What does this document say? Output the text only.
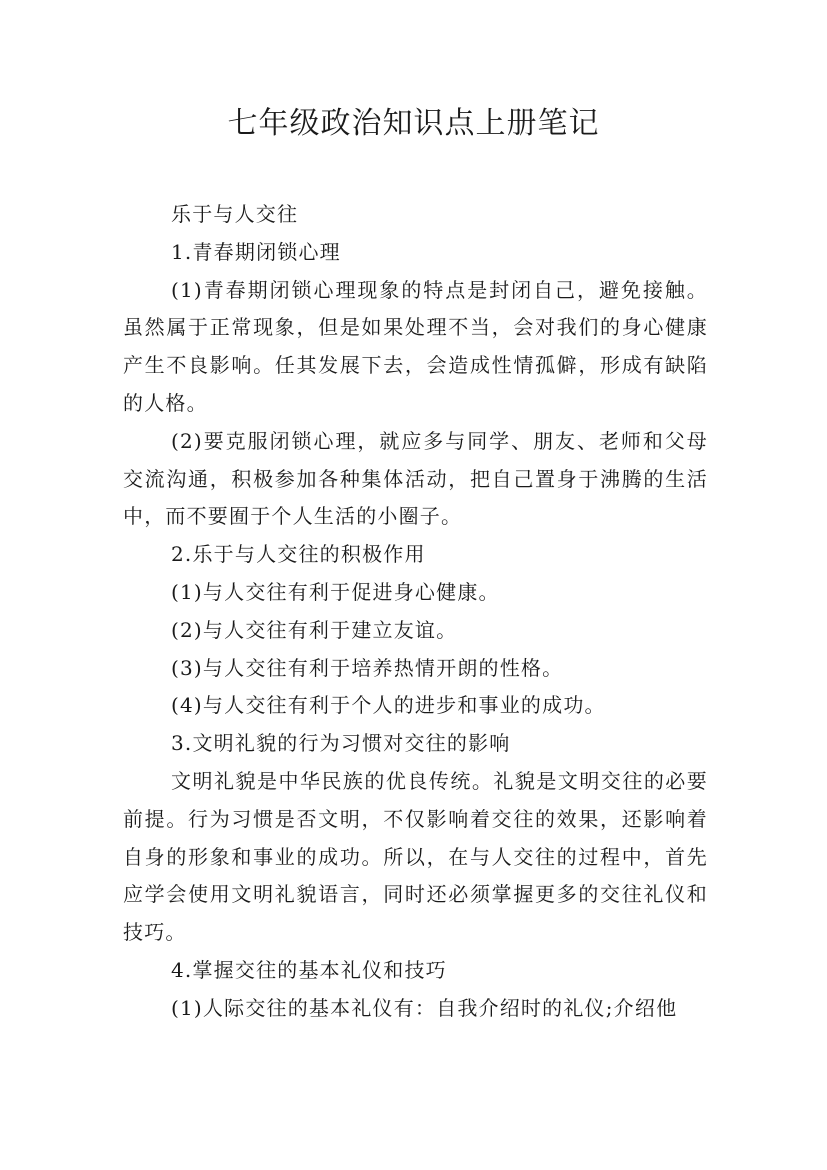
七年级政治知识点上册笔记

乐于与人交往

1.青春期闭锁心理

(1)青春期闭锁心理现象的特点是封闭自己，避免接触。虽然属于正常现象，但是如果处理不当，会对我们的身心健康产生不良影响。任其发展下去，会造成性情孤僻，形成有缺陷的人格。

(2)要克服闭锁心理，就应多与同学、朋友、老师和父母交流沟通，积极参加各种集体活动，把自己置身于沸腾的生活中，而不要囿于个人生活的小圈子。

2.乐于与人交往的积极作用

(1)与人交往有利于促进身心健康。

(2)与人交往有利于建立友谊。

(3)与人交往有利于培养热情开朗的性格。

(4)与人交往有利于个人的进步和事业的成功。

3.文明礼貌的行为习惯对交往的影响

文明礼貌是中华民族的优良传统。礼貌是文明交往的必要前提。行为习惯是否文明，不仅影响着交往的效果，还影响着自身的形象和事业的成功。所以，在与人交往的过程中，首先应学会使用文明礼貌语言，同时还必须掌握更多的交往礼仪和技巧。

4.掌握交往的基本礼仪和技巧

(1)人际交往的基本礼仪有：自我介绍时的礼仪;介绍他
